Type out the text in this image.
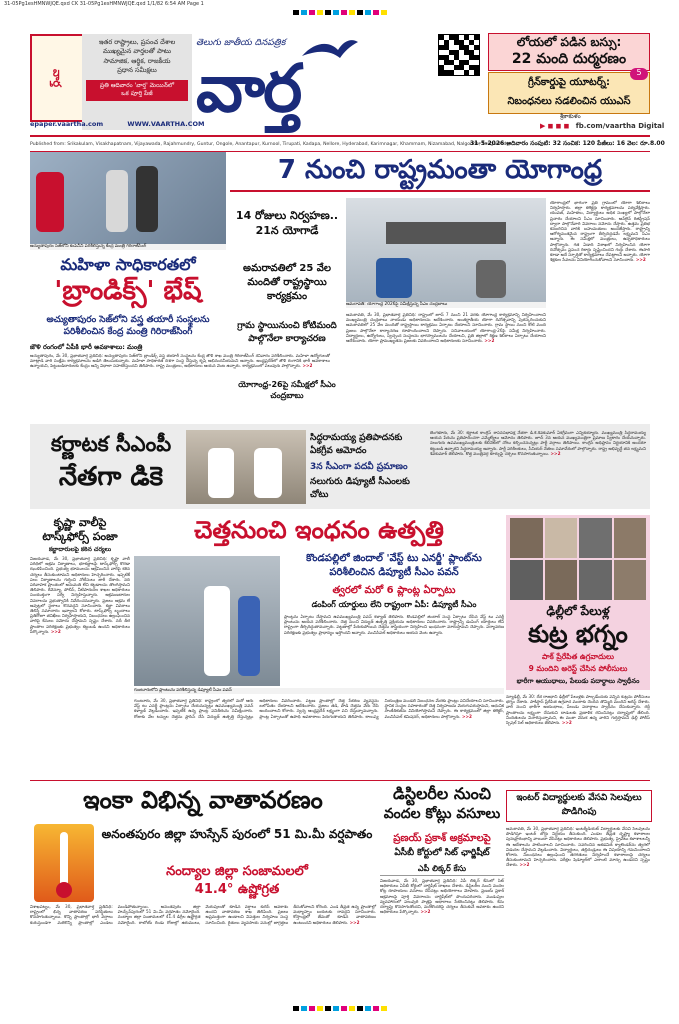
31-05Pg1esHMNWJQE.qxd CK 31-05Pg1esHMNWJQE.qxd 1/1/82 6:54 AM Page 1
వార్త
ఇతర రాష్ట్రాలు, ప్రపంచ దేశాల
ముఖ్యమైన వార్తలతో పాటు
సామాజిక, ఆర్థిక, రాజకీయ
ప్రధాన సమీక్షలు
ప్రతి ఆదివారం 'వార్త' మెయిన్‌లో
ఒక పూర్తి పేజీ
తెలుగు జాతీయ దినపత్రిక
వార్త
లోయలో పడిన బస్సు:
22 మంది దుర్మరణం
గ్రీన్‌కార్డుపై యూటర్న్:
నిబంధనలు సడలించిన యుఎస్
5
epaper.vaartha.com	WWW.VAARTHA.COM
శ్రీకాకుళం
▶ ◼ ◼ ◼ fb.com/vaartha Digital
Published from: Srikakulam, Visakhapatnam, Vijayawada, Rajahmundry, Guntur, Ongole, Anantapur, Kurnool, Tirupati, Kadapa, Nellore, Hyderabad, Karimnagar, Khammam, Nizamabad, Nalgonda, Sangareddy
31-5-2026 ఆదివారం సంపుటి: 32 సంచిక: 120 పేజీలు: 16 వెల: రూ.8.00
అచ్యుతాపురం సెజ్‌లోని కంపెనీని పరిశీలిస్తున్న కేంద్ర మంత్రి గిరిరాజ్‌సింగ్
మహిళా సాధికారతలో
'బ్రాండిక్స్' భేష్
అచ్యుతాపురం సెజ్‌లోని వస్త్ర తయారీ సంస్థలను పరిశీలించిన కేంద్ర మంత్రి గిరిరాజ్‌సింగ్
జౌళి రంగంలో ఏపీకి భారీ అవకాశాలు: మంత్రి
అచ్యుతాపురం, మే 30, ప్రభాతవార్త ప్రతినిధి: అచ్యుతాపురం సెజ్‌లోని బ్రాండిక్స్ వస్త్ర తయారీ సంస్థలను కేంద్ర జౌళి శాఖ మంత్రి గిరిరాజ్‌సింగ్ శనివారం పరిశీలించారు. మహిళా ఉద్యోగులతో మాట్లాడి వారి సంక్షేమ కార్యక్రమాలను అడిగి తెలుసుకున్నారు. మహిళా సాధికారత దిశగా సంస్థ చేస్తున్న కృషి అభినందనీయమని అన్నారు. ఆంధ్రప్రదేశ్‌లో జౌళి రంగానికి భారీ అవకాశాలు ఉన్నాయని, పెట్టుబడిదారులకు కేంద్రం అన్ని విధాలా సహకరిస్తుందని తెలిపారు. రాష్ట్ర మంత్రులు, అధికారులు ఆయన వెంట ఉన్నారు. కార్యక్రమంలో పలువురు పాల్గొన్నారు. >>2
7 నుంచి రాష్ట్రమంతా యోగాంధ్ర
14 రోజులు నిర్వహణ.. 21న యోగాడే
అమరావతిలో 25 వేల మందితో రాష్ట్రస్థాయి కార్యక్రమం
గ్రామ స్థాయినుంచి కోటిమంది పాల్గొనేలా కార్యాచరణ
యోగాంధ్ర-26పై సమీక్షలో సీఎం చంద్రబాబు
అమరావతి: యోగాంధ్ర 2026పై సమీక్షిస్తున్న సీఎం చంద్రబాబు
అమరావతి, మే 30, ప్రభాతవార్త ప్రతినిధి: రాష్ట్రంలో జూన్ 7 నుంచి 21 వరకు యోగాంధ్ర కార్యక్రమాన్ని నిర్వహించాలని ముఖ్యమంత్రి చంద్రబాబు నాయుడు అధికారులను ఆదేశించారు. అంతర్జాతీయ యోగా దినోత్సవాన్ని పురస్కరించుకుని అమరావతిలో 25 వేల మందితో రాష్ట్రస్థాయి కార్యక్రమం ఏర్పాటు చేయాలని సూచించారు. గ్రామ స్థాయి నుంచి కోటి మంది ప్రజలు పాల్గొనేలా కార్యాచరణ రూపొందించాలని చెప్పారు. సచివాలయంలో యోగాంధ్ర-26పై సమీక్ష నిర్వహించారు. విద్యార్థులు, ఉద్యోగులు, స్వచ్ఛంద సంస్థలను భాగస్వాములను చేయాలని, ప్రతి జిల్లాలో శిక్షణ శిబిరాలు ఏర్పాటు చేయాలని ఆదేశించారు. యోగా ప్రాముఖ్యతను ప్రజలకు వివరించాలని అధికారులకు సూచించారు. >>2
యోగాంధ్రలో భాగంగా ప్రతి గ్రామంలో యోగా శిబిరాలు నిర్వహిస్తారు. జిల్లా కలెక్టర్లు కార్యక్రమాలను పర్యవేక్షిస్తారు. యువత, మహిళలు, విద్యార్థులు అధిక సంఖ్యలో పాల్గొనేలా ప్రచారం చేయాలని సీఎం సూచించారు. ఆన్‌లైన్ రిజిస్ట్రేషన్ ద్వారా పాల్గొనేవారి వివరాలు నమోదు చేస్తారు. ఉత్తమ ప్రతిభ కనబరిచిన వారికి బహుమతులు అందజేస్తారు. రాష్ట్రాన్ని ఆరోగ్యవంతమైన రాష్ట్రంగా తీర్చిదిద్దడమే లక్ష్యమని సీఎం అన్నారు. ఈ సమీక్షలో మంత్రులు, ఉన్నతాధికారులు పాల్గొన్నారు. గత ఏడాది విశాఖలో నిర్వహించిన యోగా దినోత్సవం ప్రపంచ రికార్డు సృష్టించిందని గుర్తు చేశారు. ఈసారి కూడా అదే స్ఫూర్తితో కార్యక్రమాలు చేపట్టాలని అన్నారు. యోగా శిక్షకుల సేవలను వినియోగించుకోవాలని సూచించారు. >>2
కర్ణాటక సీఎంపీ
నేతగా డికె
సిద్ధరామయ్య ప్రతిపాదనకు ఏకగ్రీవ ఆమోదం
3న సీఎంగా పదవీ ప్రమాణం
నలుగురు డిప్యూటీ సీఎంలకు చోటు
బెంగళూరు, మే 30: కర్ణాటక కాంగ్రెస్ శాసనసభాపక్ష నేతగా డి.కె.శివకుమార్ ఏకగ్రీవంగా ఎన్నికయ్యారు. ముఖ్యమంత్రి సిద్ధరామయ్య ఆయన పేరును ప్రతిపాదించగా ఎమ్మెల్యేలు ఆమోదం తెలిపారు. జూన్ 3న ఆయన ముఖ్యమంత్రిగా ప్రమాణ స్వీకారం చేయనున్నారు. నలుగురు ఉపముఖ్యమంత్రులకు కేబినెట్‌లో చోటు కల్పించనున్నట్లు పార్టీ వర్గాలు తెలిపాయి. కాంగ్రెస్ అధిష్ఠానం నిర్ణయానికి అందరూ కట్టుబడి ఉన్నారని సిద్ధరామయ్య అన్నారు. పార్టీ పరిశీలకులు, సీనియర్ నేతలు సమావేశంలో పాల్గొన్నారు. రాష్ట్ర అభివృద్ధే తన లక్ష్యమని శివకుమార్ తెలిపారు. కొత్త మంత్రివర్గ కూర్పుపై చర్చలు కొనసాగుతున్నాయి. >>2
కృష్ణా వాలీపై టాస్క్‌ఫోర్స్ పంజా
కబ్జాదారులపై కఠిన చర్యలు
విజయవాడ, మే 30, ప్రభాతవార్త ప్రతినిధి: కృష్ణా వాలీ పరిధిలో అక్రమ నిర్మాణాలు, భూకబ్జాలపై టాస్క్‌ఫోర్స్ కొరడా ఝుళిపించింది. ప్రభుత్వ భూములను ఆక్రమించిన వారిపై కఠిన చర్యలు తీసుకుంటామని అధికారులు హెచ్చరించారు. ఇప్పటికే పలు నిర్మాణాలను గుర్తించి నోటీసులు జారీ చేశారు. నది పరివాహక ప్రాంతంలో అనుమతి లేని కట్టడాలను తొలగిస్తామని తెలిపారు. రెవెన్యూ, పోలీస్, నీటిపారుదల శాఖల అధికారులు సంయుక్తంగా సర్వే నిర్వహిస్తున్నారు. ఆక్రమణదారుల వివరాలను ప్రభుత్వానికి నివేదించనున్నారు. ప్రజలు అక్రమ లే అవుట్లలో స్థలాలు కొనవద్దని సూచించారు. కబ్జా వివరాలు తెలిస్తే సమాచారం ఇవ్వాలని కోరారు. టాస్క్‌ఫోర్స్ బృందాలు ప్రతిరోజూ తనిఖీలు నిర్వహిస్తాయని, నిబంధనలు ఉల్లంఘించిన వారిపై కేసులు నమోదు చేస్తామని స్పష్టం చేశారు. నదీ తీర ప్రాంతాల పరిరక్షణకు ప్రభుత్వం కట్టుబడి ఉందని అధికారులు పేర్కొన్నారు. >>2
చెత్తనుంచి ఇంధనం ఉత్పత్తి
కొండపల్లిలో జిందాల్ 'వేస్ట్ టు ఎనర్జీ' ప్లాంట్‌ను పరిశీలించిన డిప్యూటీ సీఎం పవన్
త్వరలో మరో 6 ప్లాంట్ల ఏర్పాటు
డంపింగ్ యార్డులు లేని రాష్ట్రంగా ఏపీ: డిప్యూటీ సీఎం
ప్లాంట్లను ఏర్పాటు చేస్తామని ఉపముఖ్యమంత్రి పవన్ కళ్యాణ్ తెలిపారు. కొండపల్లిలో జిందాల్ సంస్థ ఏర్పాటు చేసిన వేస్ట్ టు ఎనర్జీ ప్లాంటును ఆయన పరిశీలించారు. చెత్త నుంచి విద్యుత్ ఉత్పత్తి ప్రక్రియను అధికారులు వివరించారు. రాష్ట్రాన్ని డంపింగ్ యార్డులు లేని రాష్ట్రంగా తీర్చిదిద్దుతామన్నారు. పట్టణాల్లో పేరుకుపోయిన చెత్తను శాస్త్రీయంగా నిర్వహించి ఇంధనంగా మారుస్తామని చెప్పారు. పర్యావరణ పరిరక్షణకు ప్రభుత్వం ప్రాధాన్యం ఇస్తోందని అన్నారు. మునిసిపల్ అధికారులు ఆయన వెంట ఉన్నారు.
గుంటూరులోని ప్లాంటును పరిశీలిస్తున్న డిప్యూటీ సీఎం పవన్
గుంటూరు, మే 30, ప్రభాతవార్త ప్రతినిధి: రాష్ట్రంలో త్వరలో మరో ఆరు వేస్ట్ టు ఎనర్జీ ప్లాంట్లను ఏర్పాటు చేయనున్నట్లు ఉపముఖ్యమంత్రి పవన్ కళ్యాణ్ వెల్లడించారు. ఇప్పటికే ఉన్న ప్లాంట్ల పనితీరును సమీక్షించారు. రోజుకు వేల టన్నుల చెత్తను ప్రాసెస్ చేసి విద్యుత్ ఉత్పత్తి చేస్తున్నట్లు అధికారులు వివరించారు. పట్టణ ప్రాంతాల్లో చెత్త సేకరణ వ్యవస్థను బలోపేతం చేయాలని ఆదేశించారు. ప్రజలు తడి, పొడి చెత్తను వేరు చేసి అందించాలని కోరారు. స్వచ్ఛ ఆంధ్రప్రదేశ్ లక్ష్యంగా పని చేస్తున్నామన్నారు. ప్లాంట్ల ఏర్పాటుతో ఉపాధి అవకాశాలు పెరుగుతాయని తెలిపారు. కాలుష్య నియంత్రణ మండలి నిబంధనల మేరకు ప్లాంట్లు పనిచేయాలని సూచించారు. స్థానిక సంస్థల సహకారంతో చెత్త నిర్వహణను మెరుగుపరుస్తామని, ఆధునిక సాంకేతికతను వినియోగిస్తామని చెప్పారు. ఈ కార్యక్రమంలో జిల్లా కలెక్టర్, మునిసిపల్ కమిషనర్, అధికారులు పాల్గొన్నారు. >>2
ఢిల్లీలో పేలుళ్ల
కుట్ర భగ్నం
పాక్ ప్రేరేపిత ఉగ్రవాదులు
9 మందిని అరెస్ట్ చేసిన పోలీసులు
భారీగా ఆయుధాలు, పేలుడు పదార్థాలు స్వాధీనం
న్యూఢిల్లీ, మే 30: దేశ రాజధాని ఢిల్లీలో పేలుళ్లకు పాల్పడేందుకు పన్నిన కుట్రను పోలీసులు భగ్నం చేశారు. పాకిస్థాన్ ప్రేరేపిత ఉగ్రవాద ముఠాకు చెందిన తొమ్మిది మందిని అరెస్ట్ చేశారు. వారి నుంచి భారీగా ఆయుధాలు, పేలుడు పదార్థాలు స్వాధీనం చేసుకున్నారు. రద్దీ ప్రాంతాలను లక్ష్యంగా చేసుకుని దాడులకు ప్రణాళిక రచించినట్లు దర్యాప్తులో తేలింది. నిందితులను విచారిస్తున్నామని, ఈ ముఠా వెనుక ఉన్న వారిని గుర్తిస్తామని ఢిల్లీ పోలీస్ స్పెషల్ సెల్ అధికారులు తెలిపారు. >>2
ఇంకా విభిన్న వాతావరణం
అనంతపురం జిల్లా హుస్సేన్ పురంలో 51 మి.మీ వర్షపాతం
నంద్యాల జిల్లా సంజామలలో
41.4° ఉష్ణోగ్రత
విశాఖపట్నం, మే 30, ప్రభాతవార్త ప్రతినిధి: రాష్ట్రంలో భిన్న వాతావరణ పరిస్థితులు కొనసాగుతున్నాయి. కొన్ని ప్రాంతాల్లో భారీ వర్షాలు కురుస్తుండగా మరికొన్ని ప్రాంతాల్లో ఎండలు మండిపోతున్నాయి. అనంతపురం జిల్లా హుస్సేన్‌పురంలో 51 మి.మీ వర్షపాతం నమోదైంది. నంద్యాల జిల్లా సంజామలలో 41.4 డిగ్రీల ఉష్ణోగ్రత నమోదైంది. రాబోయే రెండు రోజుల్లో ఉరుములు, మెరుపులతో కూడిన వర్షాలు కురిసే అవకాశం ఉందని వాతావరణ శాఖ తెలిపింది. ప్రజలు అప్రమత్తంగా ఉండాలని విపత్తుల నిర్వహణ సంస్థ సూచించింది. రైతులు వ్యవసాయ పనుల్లో జాగ్రత్తలు తీసుకోవాలని కోరింది. ఎండ తీవ్రత ఉన్న ప్రాంతాల్లో మధ్యాహ్నం బయటకు రావద్దని సూచించారు. కోస్తాంధ్రలో తేమతో కూడిన వాతావరణం ఉంటుందని అధికారులు తెలిపారు. >>2
డిస్టిలరీల నుంచి
వందల కోట్లు వసూలు
ప్రణయ్ ప్రకాశ్ అక్రమాలపై
ఏసీబీ కోర్టులో సిట్ ఛార్జిషీట్
ఎపీ లిక్కర్ కేసు
విజయవాడ, మే 30, ప్రభాతవార్త ప్రతినిధి: ఏపీ లిక్కర్ కేసులో సిట్ అధికారులు ఏసీబీ కోర్టులో చార్జిషీట్ దాఖలు చేశారు. డిస్టిలరీల నుంచి వందల కోట్ల రూపాయలు వసూలు చేసినట్లు అభియోగాలు మోపారు. ప్రణయ్ ప్రకాశ్ అక్రమాలపై పూర్తి వివరాలను చార్జిషీట్‌లో పొందుపరిచారు. ముడుపుల వ్యవహారంలో పలువురి పాత్రపై ఆధారాలు సేకరించినట్లు తెలిపారు. కేసు దర్యాప్తు కొనసాగుతోందని, మరికొందరిపై చర్యలు తీసుకునే అవకాశం ఉందని అధికారులు పేర్కొన్నారు. >>2
ఇంటర్ విద్యార్థులకు వేసవి సెలవులు పొడిగింపు
అమరావతి, మే 30, ప్రభాతవార్త ప్రతినిధి: ఇంటర్మీడియట్ విద్యార్థులకు వేసవి సెలవులను పొడిగిస్తూ ఇంటర్ బోర్డు నిర్ణయం తీసుకుంది. ఎండల తీవ్రత దృష్ట్యా కళాశాలల పునఃప్రారంభాన్ని వాయిదా వేసినట్లు అధికారులు తెలిపారు. ప్రభుత్వ, ప్రైవేటు కళాశాలలన్నీ ఈ ఆదేశాలను పాటించాలని సూచించారు. సవరించిన అకడమిక్ క్యాలెండర్‌ను త్వరలో విడుదల చేస్తామని వెల్లడించారు. విద్యార్థులు, తల్లిదండ్రులు ఈ విషయాన్ని గమనించాలని కోరారు. నిబంధనలు ఉల్లంఘించి తరగతులు నిర్వహించే కళాశాలలపై చర్యలు తీసుకుంటామని హెచ్చరించారు. పరీక్షల షెడ్యూల్‌లో ఎలాంటి మార్పు ఉండదని స్పష్టం చేశారు. >>2
